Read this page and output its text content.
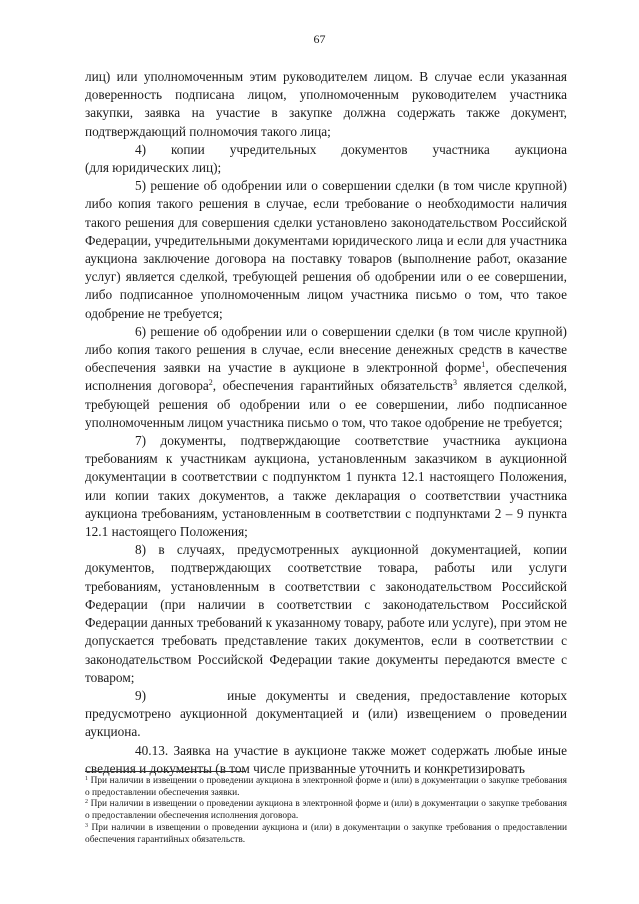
67

лиц) или уполномоченным этим руководителем лицом. В случае если указанная доверенность подписана лицом, уполномоченным руководителем участника закупки, заявка на участие в закупке должна содержать также документ, подтверждающий полномочия такого лица;

4)	копии учредительных документов участника аукциона

(для юридических лиц);

5) решение об одобрении или о совершении сделки (в том числе крупной) либо копия такого решения в случае, если требование о необходимости наличия такого решения для совершения сделки установлено законодательством Российской Федерации, учредительными документами юридического лица и если для участника аукциона заключение договора на поставку товаров (выполнение работ, оказание услуг) является сделкой, требующей решения об одобрении или о ее совершении, либо подписанное уполномоченным лицом участника письмо о том, что такое одобрение не требуется;

6) решение об одобрении или о совершении сделки (в том числе крупной) либо копия такого решения в случае, если внесение денежных средств в качестве обеспечения заявки на участие в аукционе в электронной форме$^1$, обеспечения исполнения договора$^2$, обеспечения гарантийных обязательств$^3$ является сделкой, требующей решения об одобрении или о ее совершении, либо подписанное уполномоченным лицом участника письмо о том, что такое одобрение не требуется;

7) документы, подтверждающие соответствие участника аукциона требованиям к участникам аукциона, установленным заказчиком в аукционной документации в соответствии с подпунктом 1 пункта 12.1 настоящего Положения, или копии таких документов, а также декларация о соответствии участника аукциона требованиям, установленным в соответствии с подпунктами 2 – 9 пункта 12.1 настоящего Положения;

8) в случаях, предусмотренных аукционной документацией, копии документов, подтверждающих соответствие товара, работы или услуги требованиям, установленным в соответствии с законодательством Российской Федерации (при наличии в соответствии с законодательством Российской Федерации данных требований к указанному товару, работе или услуге), при этом не допускается требовать представление таких документов, если в соответствии с законодательством Российской Федерации такие документы передаются вместе с товаром;

9)	иные документы и сведения, предоставление которых предусмотрено аукционной документацией и (или) извещением о проведении аукциона.

40.13. Заявка на участие в аукционе также может содержать любые иные сведения и документы (в том числе призванные уточнить и конкретизировать

$^1$ При наличии в извещении о проведении аукциона в электронной форме и (или) в документации о закупке требования о предоставлении обеспечения заявки.

$^2$ При наличии в извещении о проведении аукциона в электронной форме и (или) в документации о закупке требования о предоставлении обеспечения исполнения договора.

$^3$ При наличии в извещении о проведении аукциона и (или) в документации о закупке требования о предоставлении обеспечения гарантийных обязательств.
